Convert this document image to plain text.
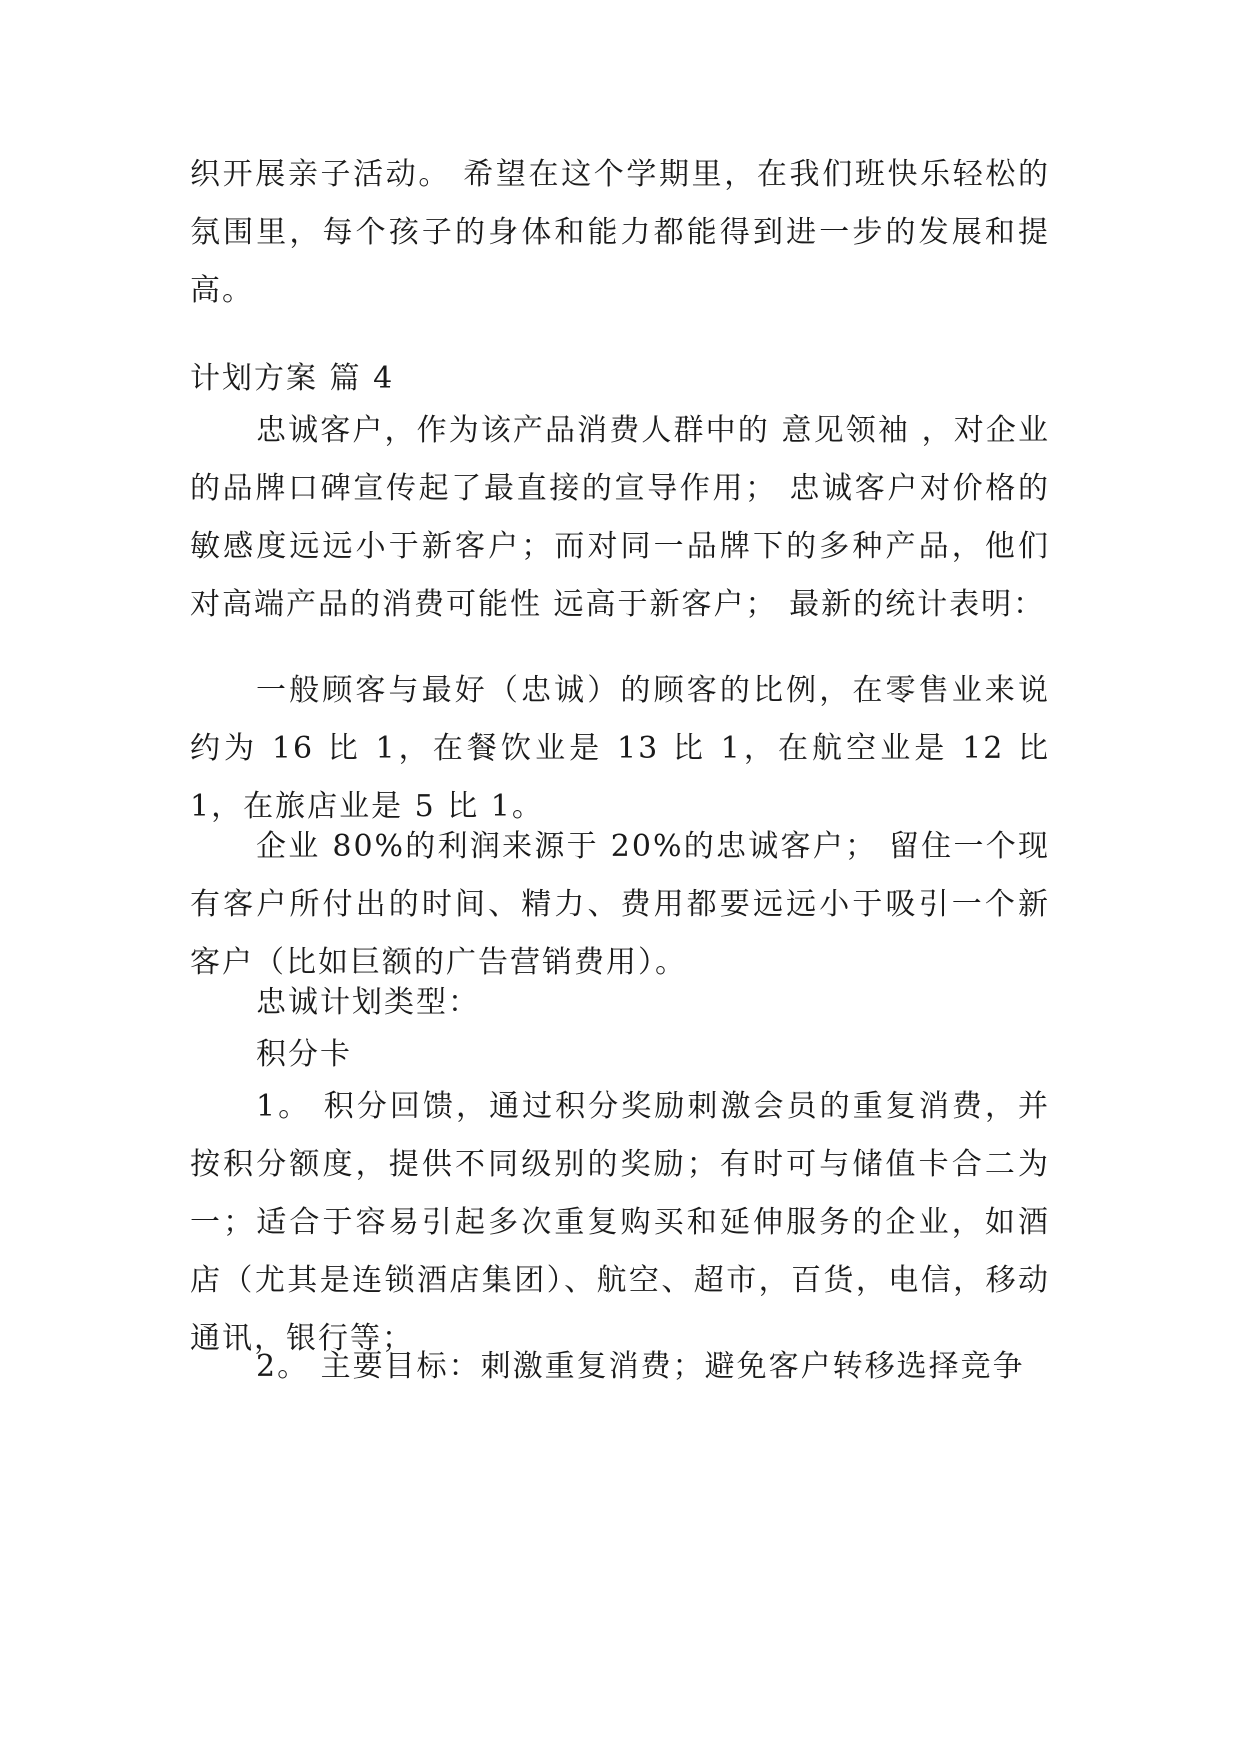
织开展亲子活动。 希望在这个学期里，在我们班快乐轻松的氛围里，每个孩子的身体和能力都能得到进一步的发展和提高。

计划方案 篇 4

忠诚客户，作为该产品消费人群中的 意见领袖 ，对企业的品牌口碑宣传起了最直接的宣导作用； 忠诚客户对价格的敏感度远远小于新客户；而对同一品牌下的多种产品，他们对高端产品的消费可能性 远高于新客户； 最新的统计表明：

一般顾客与最好（忠诚）的顾客的比例，在零售业来说约为 16 比 1，在餐饮业是 13 比 1，在航空业是 12 比 1，在旅店业是 5 比 1。

企业 80%的利润来源于 20%的忠诚客户； 留住一个现有客户所付出的时间、精力、费用都要远远小于吸引一个新客户（比如巨额的广告营销费用）。

忠诚计划类型：

积分卡

1。 积分回馈，通过积分奖励刺激会员的重复消费，并按积分额度，提供不同级别的奖励；有时可与储值卡合二为一；适合于容易引起多次重复购买和延伸服务的企业，如酒店（尤其是连锁酒店集团）、航空、超市，百货，电信，移动通讯，银行等；

2。 主要目标：刺激重复消费；避免客户转移选择竞争
